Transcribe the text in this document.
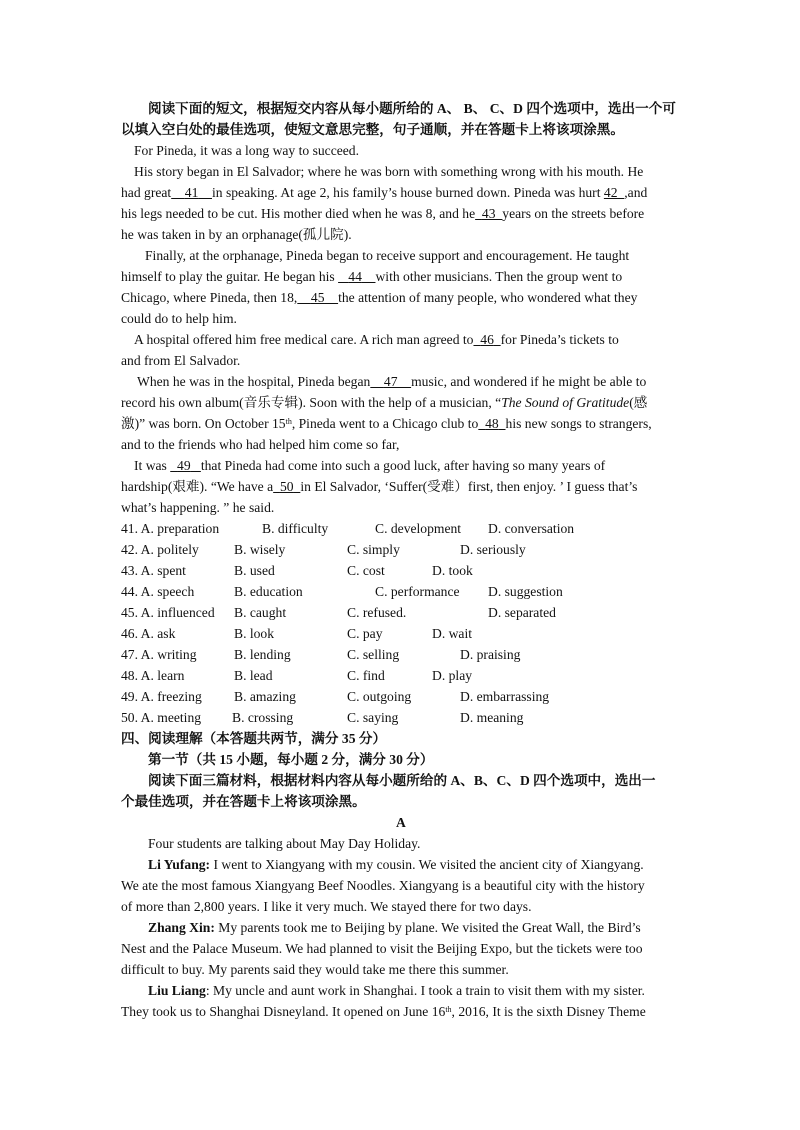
阅读下面的短文，根据短交内容从每小题所给的 A、 B、 C、D 四个选项中，选出一个可
以填入空白处的最佳选项，使短文意思完整，句子通顺，并在答题卡上将该项涂黑。
For Pineda, it was a long way to succeed.
His story began in El Salvador; where he was born with something wrong with his mouth. He
had great 41 in speaking. At age 2, his family’s house burned down. Pineda was hurt 42 ,and
his legs needed to be cut. His mother died when he was 8, and he 43 years on the streets before
he was taken in by an orphanage(孤儿院).
Finally, at the orphanage, Pineda began to receive support and encouragement. He taught
himself to play the guitar. He began his 44 with other musicians. Then the group went to
Chicago, where Pineda, then 18, 45 the attention of many people, who wondered what they
could do to help him.
A hospital offered him free medical care. A rich man agreed to 46 for Pineda’s tickets to
and from El Salvador.
When he was in the hospital, Pineda began 47 music, and wondered if he might be able to
record his own album(音乐专辑). Soon with the help of a musician, “The Sound of Gratitude(感
激)” was born. On October 15th, Pineda went to a Chicago club to 48 his new songs to strangers,
and to the friends who had helped him come so far,
It was 49 that Pineda had come into such a good luck, after having so many years of
hardship(艰难). “We have a 50 in El Salvador, ‘Suffer(受难）first, then enjoy. ’ I guess that’s
what’s happening. ” he said.
41. A. preparation	B. difficulty	C. development D. conversation
42. A. politely	B. wisely	C. simply	D. seriously
43. A. spent	B. used	C. cost	D. took
44. A. speech	B. education	C. performance D. suggestion
45. A. influenced B. caught	C. refused.	D. separated
46. A. ask	B. look	C. pay	D. wait
47. A. writing	B. lending	C. selling	D. praising
48. A. learn	B. lead	C. find	D. play
49. A. freezing B. amazing	C. outgoing	D. embarrassing
50. A. meeting B. crossing	C. saying	D. meaning
四、阅读理解（本答题共两节，满分 35 分）
第一节（共 15 小题，每小题 2 分，满分 30 分）
阅读下面三篇材料，根据材料内容从每小题所给的 A、B、C、D 四个选项中，选出一
个最佳选项，并在答题卡上将该项涂黑。
A
Four students are talking about May Day Holiday.
Li Yufang: I went to Xiangyang with my cousin. We visited the ancient city of Xiangyang.
We ate the most famous Xiangyang Beef Noodles. Xiangyang is a beautiful city with the history
of more than 2,800 years. I like it very much. We stayed there for two days.
Zhang Xin: My parents took me to Beijing by plane. We visited the Great Wall, the Bird’s
Nest and the Palace Museum. We had planned to visit the Beijing Expo, but the tickets were too
difficult to buy. My parents said they would take me there this summer.
Liu Liang: My uncle and aunt work in Shanghai. I took a train to visit them with my sister.
They took us to Shanghai Disneyland. It opened on June 16th, 2016, It is the sixth Disney Theme
